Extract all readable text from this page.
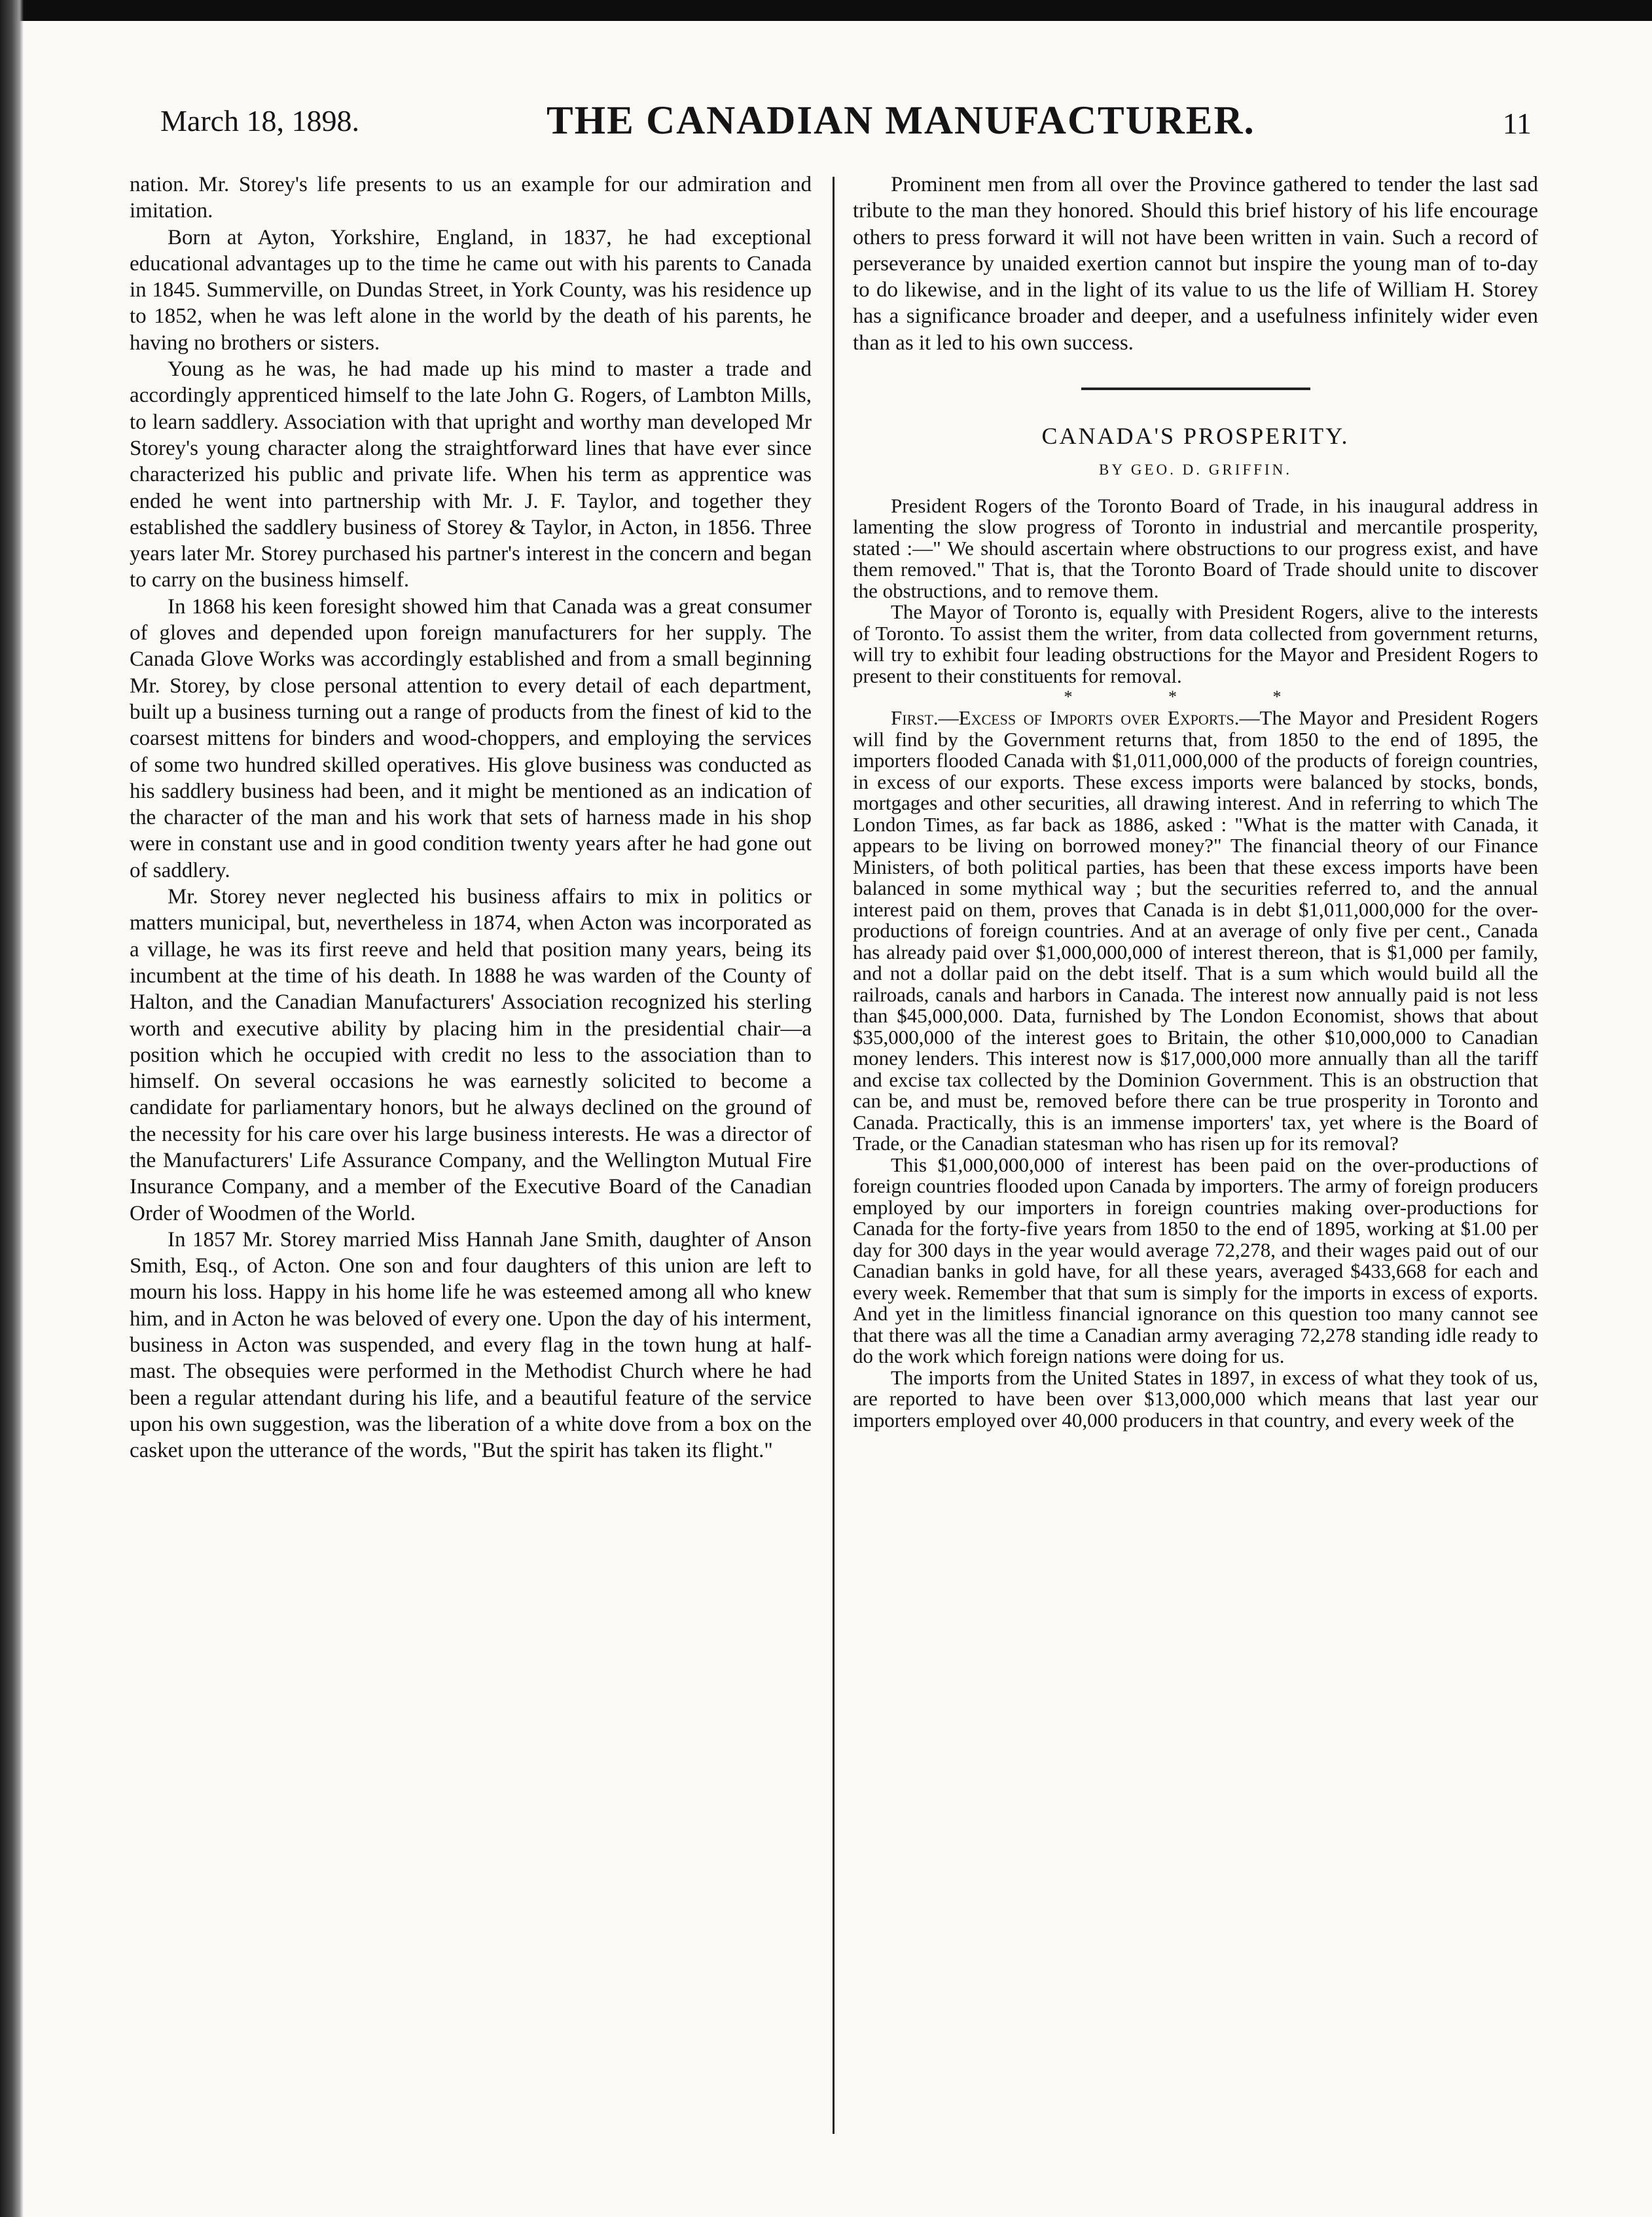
March 18, 1898.	THE CANADIAN MANUFACTURER.	11

nation. Mr. Storey's life presents to us an example for our admiration and imitation.

Born at Ayton, Yorkshire, England, in 1837, he had exceptional educational advantages up to the time he came out with his parents to Canada in 1845. Summerville, on Dundas Street, in York County, was his residence up to 1852, when he was left alone in the world by the death of his parents, he having no brothers or sisters.

Young as he was, he had made up his mind to master a trade and accordingly apprenticed himself to the late John G. Rogers, of Lambton Mills, to learn saddlery. Association with that upright and worthy man developed Mr Storey's young character along the straightforward lines that have ever since characterized his public and private life. When his term as apprentice was ended he went into partnership with Mr. J. F. Taylor, and together they established the saddlery business of Storey & Taylor, in Acton, in 1856. Three years later Mr. Storey purchased his partner's interest in the concern and began to carry on the business himself.

In 1868 his keen foresight showed him that Canada was a great consumer of gloves and depended upon foreign manufacturers for her supply. The Canada Glove Works was accordingly established and from a small beginning Mr. Storey, by close personal attention to every detail of each department, built up a business turning out a range of products from the finest of kid to the coarsest mittens for binders and wood-choppers, and employing the services of some two hundred skilled operatives. His glove business was conducted as his saddlery business had been, and it might be mentioned as an indication of the character of the man and his work that sets of harness made in his shop were in constant use and in good condition twenty years after he had gone out of saddlery.

Mr. Storey never neglected his business affairs to mix in politics or matters municipal, but, nevertheless in 1874, when Acton was incorporated as a village, he was its first reeve and held that position many years, being its incumbent at the time of his death. In 1888 he was warden of the County of Halton, and the Canadian Manufacturers' Association recognized his sterling worth and executive ability by placing him in the presidential chair—a position which he occupied with credit no less to the association than to himself. On several occasions he was earnestly solicited to become a candidate for parliamentary honors, but he always declined on the ground of the necessity for his care over his large business interests. He was a director of the Manufacturers' Life Assurance Company, and the Wellington Mutual Fire Insurance Company, and a member of the Executive Board of the Canadian Order of Woodmen of the World.

In 1857 Mr. Storey married Miss Hannah Jane Smith, daughter of Anson Smith, Esq., of Acton. One son and four daughters of this union are left to mourn his loss. Happy in his home life he was esteemed among all who knew him, and in Acton he was beloved of every one. Upon the day of his interment, business in Acton was suspended, and every flag in the town hung at half-mast. The obsequies were performed in the Methodist Church where he had been a regular attendant during his life, and a beautiful feature of the service upon his own suggestion, was the liberation of a white dove from a box on the casket upon the utterance of the words, "But the spirit has taken its flight."

Prominent men from all over the Province gathered to tender the last sad tribute to the man they honored. Should this brief history of his life encourage others to press forward it will not have been written in vain. Such a record of perseverance by unaided exertion cannot but inspire the young man of to-day to do likewise, and in the light of its value to us the life of William H. Storey has a significance broader and deeper, and a usefulness infinitely wider even than as it led to his own success.

CANADA'S PROSPERITY.
BY GEO. D. GRIFFIN.

President Rogers of the Toronto Board of Trade, in his inaugural address in lamenting the slow progress of Toronto in industrial and mercantile prosperity, stated :—" We should ascertain where obstructions to our progress exist, and have them removed." That is, that the Toronto Board of Trade should unite to discover the obstructions, and to remove them.

The Mayor of Toronto is, equally with President Rogers, alive to the interests of Toronto. To assist them the writer, from data collected from government returns, will try to exhibit four leading obstructions for the Mayor and President Rogers to present to their constituents for removal.

* * *

First.—Excess of Imports over Exports.—The Mayor and President Rogers will find by the Government returns that, from 1850 to the end of 1895, the importers flooded Canada with $1,011,000,000 of the products of foreign countries, in excess of our exports. These excess imports were balanced by stocks, bonds, mortgages and other securities, all drawing interest. And in referring to which The London Times, as far back as 1886, asked : "What is the matter with Canada, it appears to be living on borrowed money?" The financial theory of our Finance Ministers, of both political parties, has been that these excess imports have been balanced in some mythical way ; but the securities referred to, and the annual interest paid on them, proves that Canada is in debt $1,011,000,000 for the over-productions of foreign countries. And at an average of only five per cent., Canada has already paid over $1,000,000,000 of interest thereon, that is $1,000 per family, and not a dollar paid on the debt itself. That is a sum which would build all the railroads, canals and harbors in Canada. The interest now annually paid is not less than $45,000,000. Data, furnished by The London Economist, shows that about $35,000,000 of the interest goes to Britain, the other $10,000,000 to Canadian money lenders. This interest now is $17,000,000 more annually than all the tariff and excise tax collected by the Dominion Government. This is an obstruction that can be, and must be, removed before there can be true prosperity in Toronto and Canada. Practically, this is an immense importers' tax, yet where is the Board of Trade, or the Canadian statesman who has risen up for its removal?

This $1,000,000,000 of interest has been paid on the over-productions of foreign countries flooded upon Canada by importers. The army of foreign producers employed by our importers in foreign countries making over-productions for Canada for the forty-five years from 1850 to the end of 1895, working at $1.00 per day for 300 days in the year would average 72,278, and their wages paid out of our Canadian banks in gold have, for all these years, averaged $433,668 for each and every week. Remember that that sum is simply for the imports in excess of exports. And yet in the limitless financial ignorance on this question too many cannot see that there was all the time a Canadian army averaging 72,278 standing idle ready to do the work which foreign nations were doing for us.

The imports from the United States in 1897, in excess of what they took of us, are reported to have been over $13,000,000 which means that last year our importers employed over 40,000 producers in that country, and every week of the
